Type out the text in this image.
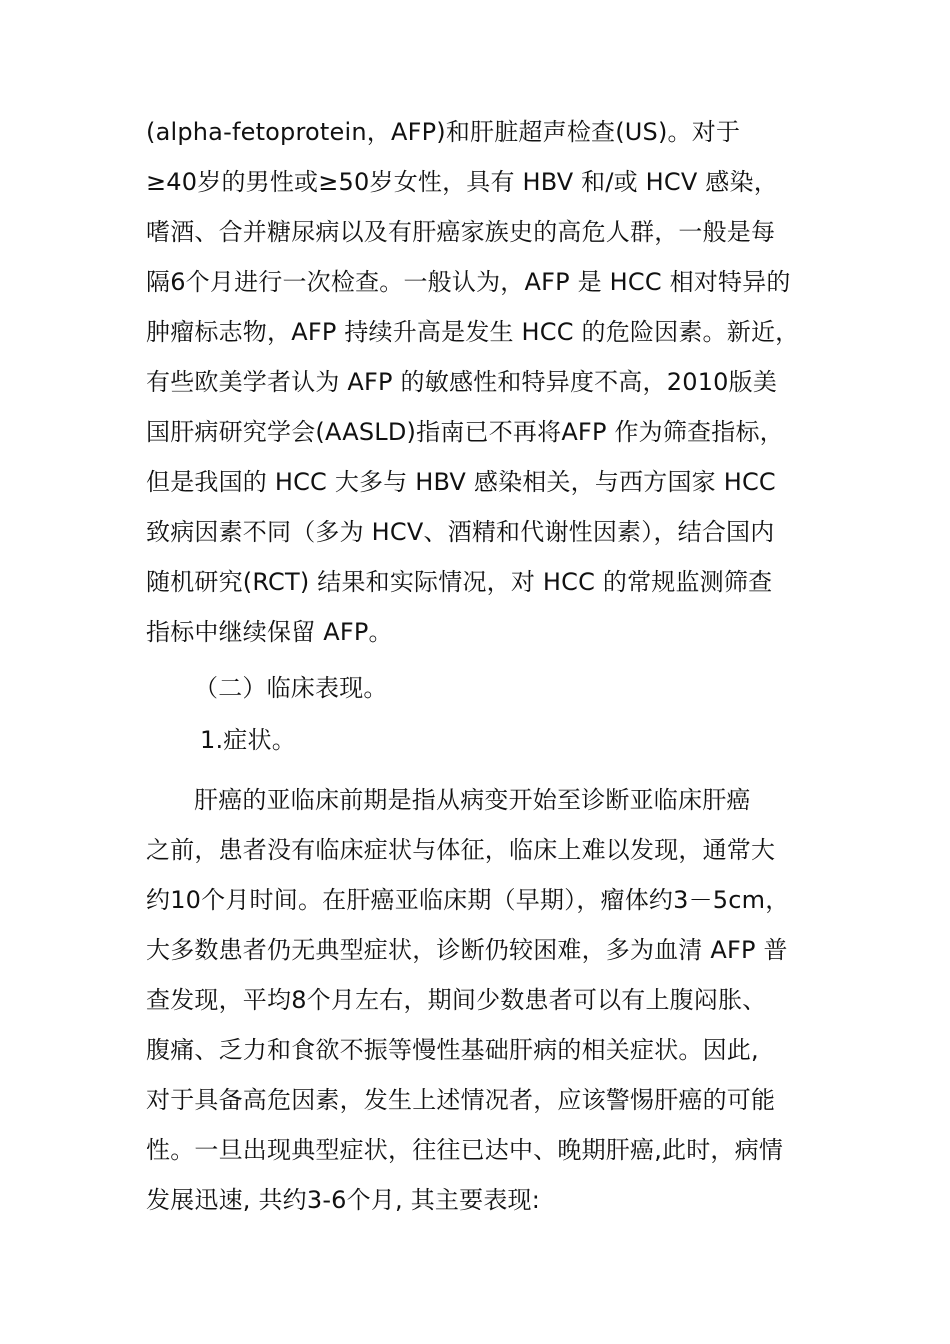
(alpha-fetoprotein，AFP)和肝脏超声检查(US)。对于
≥40岁的男性或≥50岁女性，具有 HBV 和/或 HCV 感染，
嗜酒、合并糖尿病以及有肝癌家族史的高危人群，一般是每
隔6个月进行一次检查。一般认为，AFP 是 HCC 相对特异的
肿瘤标志物，AFP 持续升高是发生 HCC 的危险因素。新近，
有些欧美学者认为 AFP 的敏感性和特异度不高，2010版美
国肝病研究学会(AASLD)指南已不再将AFP 作为筛查指标，
但是我国的 HCC 大多与 HBV 感染相关，与西方国家 HCC
致病因素不同（多为 HCV、酒精和代谢性因素），结合国内
随机研究(RCT) 结果和实际情况，对 HCC 的常规监测筛查
指标中继续保留 AFP。
（二）临床表现。
1.症状。
肝癌的亚临床前期是指从病变开始至诊断亚临床肝癌
之前，患者没有临床症状与体征，临床上难以发现，通常大
约10个月时间。在肝癌亚临床期（早期），瘤体约3－5cm，
大多数患者仍无典型症状，诊断仍较困难，多为血清 AFP 普
查发现，平均8个月左右，期间少数患者可以有上腹闷胀、
腹痛、乏力和食欲不振等慢性基础肝病的相关症状。因此,
对于具备高危因素，发生上述情况者，应该警惕肝癌的可能
性。一旦出现典型症状，往往已达中、晚期肝癌,此时，病情
发展迅速, 共约3-6个月, 其主要表现:
